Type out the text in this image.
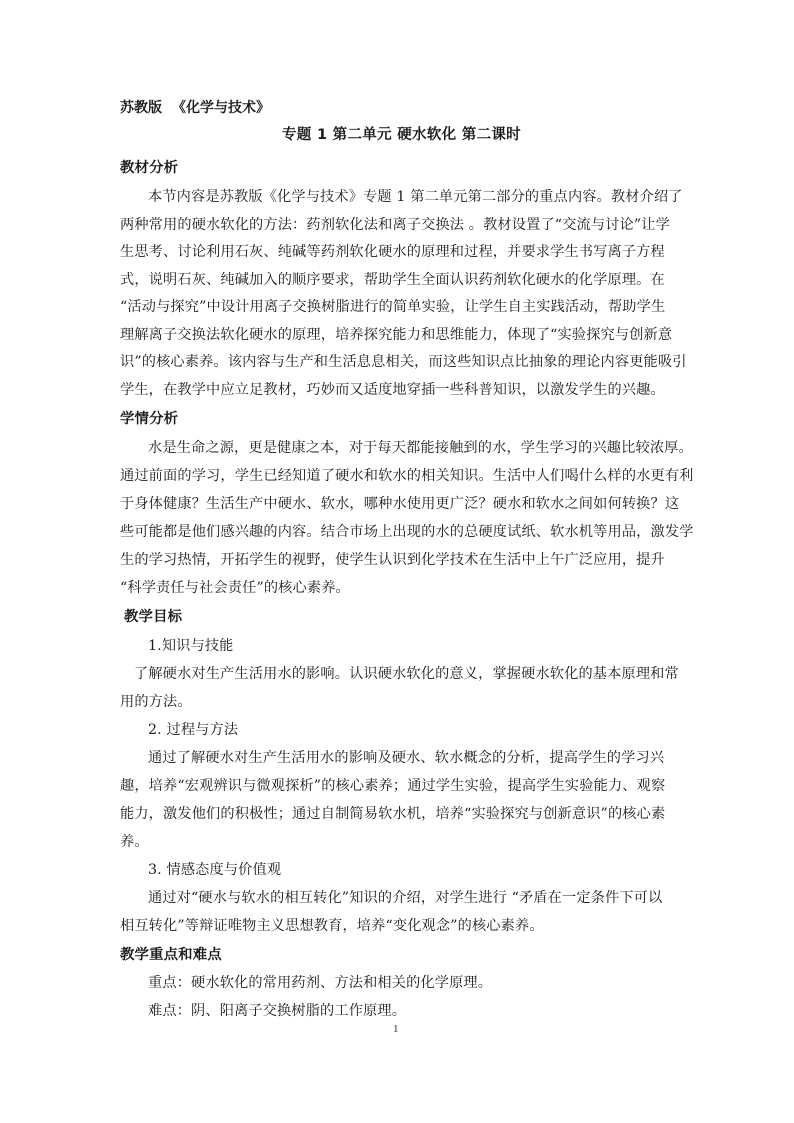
苏教版 《化学与技术》
专题 1 第二单元 硬水软化 第二课时
教材分析
本节内容是苏教版《化学与技术》专题 1 第二单元第二部分的重点内容。教材介绍了
两种常用的硬水软化的方法：药剂软化法和离子交换法 。教材设置了“交流与讨论”让学
生思考、讨论利用石灰、纯碱等药剂软化硬水的原理和过程，并要求学生书写离子方程
式，说明石灰、纯碱加入的顺序要求，帮助学生全面认识药剂软化硬水的化学原理。在
“活动与探究”中设计用离子交换树脂进行的简单实验，让学生自主实践活动，帮助学生
理解离子交换法软化硬水的原理，培养探究能力和思维能力，体现了“实验探究与创新意
识”的核心素养。该内容与生产和生活息息相关，而这些知识点比抽象的理论内容更能吸引
学生，在教学中应立足教材，巧妙而又适度地穿插一些科普知识，以激发学生的兴趣。
学情分析
水是生命之源，更是健康之本，对于每天都能接触到的水，学生学习的兴趣比较浓厚。
通过前面的学习，学生已经知道了硬水和软水的相关知识。生活中人们喝什么样的水更有利
于身体健康？生活生产中硬水、软水，哪种水使用更广泛？硬水和软水之间如何转换？这
些可能都是他们感兴趣的内容。结合市场上出现的水的总硬度试纸、软水机等用品，激发学
生的学习热情，开拓学生的视野，使学生认识到化学技术在生活中上午广泛应用，提升
“科学责任与社会责任”的核心素养。
教学目标
1.知识与技能
了解硬水对生产生活用水的影响。认识硬水软化的意义，掌握硬水软化的基本原理和常
用的方法。
2. 过程与方法
通过了解硬水对生产生活用水的影响及硬水、软水概念的分析，提高学生的学习兴
趣，培养“宏观辨识与微观探析”的核心素养；通过学生实验，提高学生实验能力、观察
能力，激发他们的积极性；通过自制简易软水机，培养“实验探究与创新意识”的核心素
养。
3. 情感态度与价值观
通过对“硬水与软水的相互转化”知识的介绍，对学生进行 “矛盾在一定条件下可以
相互转化”等辩证唯物主义思想教育，培养“变化观念”的核心素养。
教学重点和难点
重点：硬水软化的常用药剂、方法和相关的化学原理。
难点：阴、阳离子交换树脂的工作原理。
1
